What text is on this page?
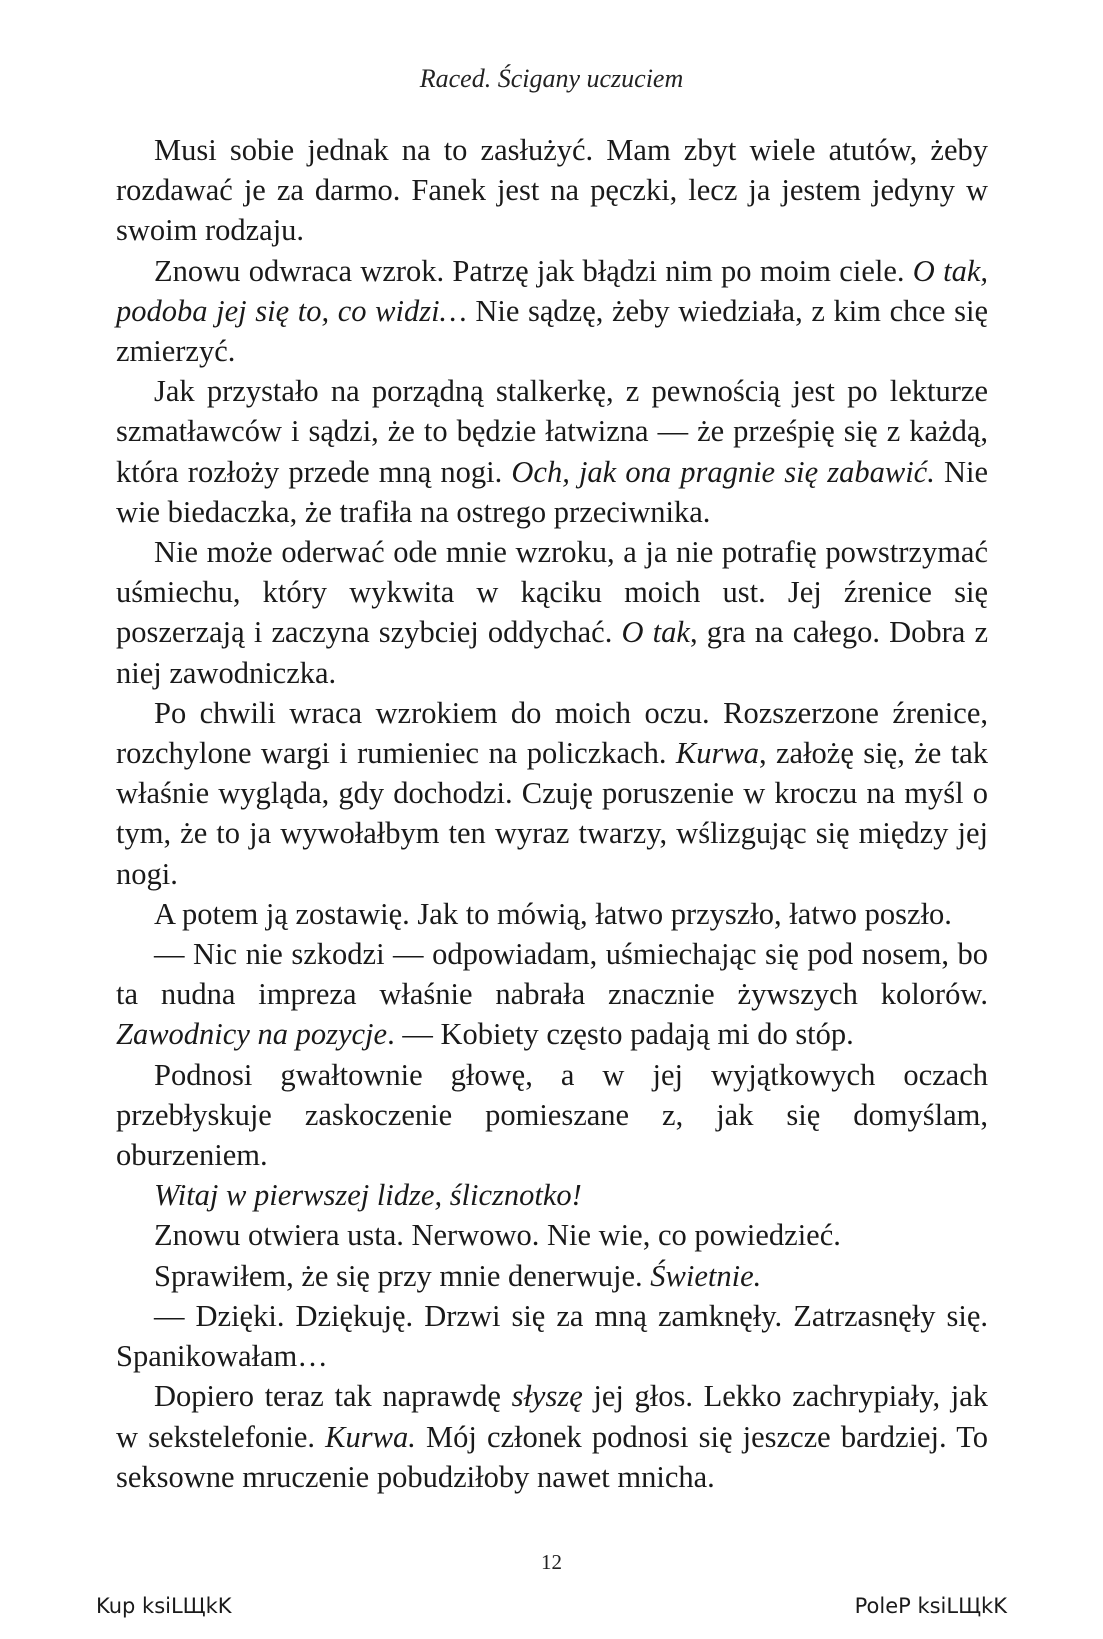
Raced. Ścigany uczuciem

Musi sobie jednak na to zasłużyć. Mam zbyt wiele atutów, żeby rozdawać je za darmo. Fanek jest na pęczki, lecz ja jestem jedyny w swoim rodzaju.

Znowu odwraca wzrok. Patrzę jak błądzi nim po moim ciele. O tak, podoba jej się to, co widzi… Nie sądzę, żeby wiedziała, z kim chce się zmierzyć.

Jak przystało na porządną stalkerkę, z pewnością jest po lekturze szmatławców i sądzi, że to będzie łatwizna — że prześpię się z każdą, która rozłoży przede mną nogi. Och, jak ona pragnie się zabawić. Nie wie biedaczka, że trafiła na ostrego przeciwnika.

Nie może oderwać ode mnie wzroku, a ja nie potrafię powstrzymać uśmiechu, który wykwita w kąciku moich ust. Jej źrenice się poszerzają i zaczyna szybciej oddychać. O tak, gra na całego. Dobra z niej zawodniczka.

Po chwili wraca wzrokiem do moich oczu. Rozszerzone źrenice, rozchylone wargi i rumieniec na policzkach. Kurwa, założę się, że tak właśnie wygląda, gdy dochodzi. Czuję poruszenie w kroczu na myśl o tym, że to ja wywołałbym ten wyraz twarzy, wślizgując się między jej nogi.

A potem ją zostawię. Jak to mówią, łatwo przyszło, łatwo poszło.

— Nic nie szkodzi — odpowiadam, uśmiechając się pod nosem, bo ta nudna impreza właśnie nabrała znacznie żywszych kolorów. Zawodnicy na pozycje. — Kobiety często padają mi do stóp.

Podnosi gwałtownie głowę, a w jej wyjątkowych oczach przebłyskuje zaskoczenie pomieszane z, jak się domyślam, oburzeniem.

Witaj w pierwszej lidze, ślicznotko!

Znowu otwiera usta. Nerwowo. Nie wie, co powiedzieć.

Sprawiłem, że się przy mnie denerwuje. Świetnie.

— Dzięki. Dziękuję. Drzwi się za mną zamknęły. Zatrzasnęły się. Spanikowałam…

Dopiero teraz tak naprawdę słyszę jej głos. Lekko zachrypiały, jak w sekstelefonie. Kurwa. Mój członek podnosi się jeszcze bardziej. To seksowne mruczenie pobudziłoby nawet mnicha.

12
Kup ksiLЩkK	PoleP ksiLЩkK
